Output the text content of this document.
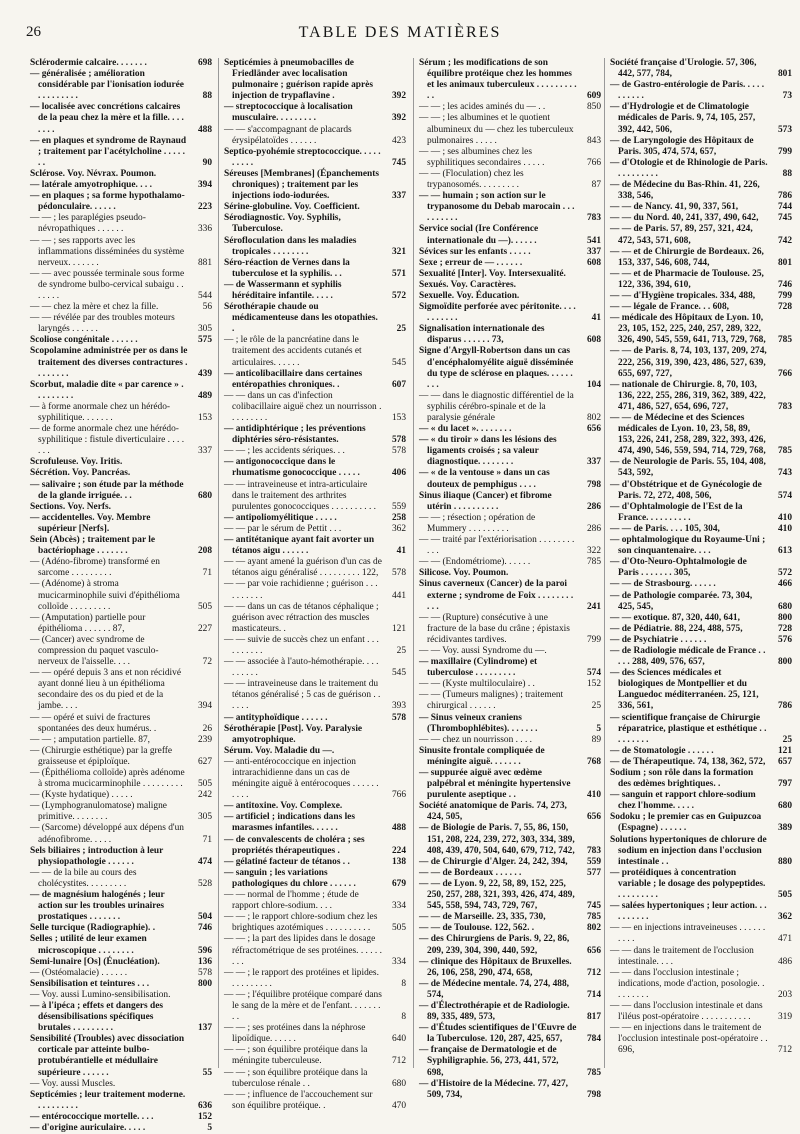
26	TABLE DES MATIÈRES

Sclérodermie calcaire. . . . . . .	698

— généralisée ; amélioration considérable par l'ionisation iodurée . . . . . . . . .	88

— localisée avec concrétions calcaires de la peau chez la mère et la fille. . . . . . . .	488

— en plaques et syndrome de Raynaud ; traitement par l'acétylcholine . . . . . . .	90

Sclérose. Voy. Névrax. Poumon.

— latérale amyotrophique. . . .	394

— en plaques ; sa forme hypothalamo-pédonculaire. . . . . .	223

— — ; les paraplégies pseudo-névropathiques . . . . . .	336

— — ; ses rapports avec les inflammations disséminées du système nerveux. . . . . . .	881

— — avec poussée terminale sous forme de syndrome bulbo-cervical subaigu . . . . . . .	544

— — chez la mère et chez la fille.	56

— — révélée par des troubles moteurs laryngés . . . . . .	305

Scoliose congénitale . . . . . .	575

Scopolamine administrée per os dans le traitement des diverses contractures . . . . . . . .	439

Scorbut, maladie dite « par carence » . . . . . . . . .	489

— à forme anormale chez un hérédo-syphilitique. . . . . . .	153

— de forme anormale chez une hérédo-syphilitique : fistule diverticulaire . . . . . . .	337

Scrofuleuse. Voy. Iritis.

Sécrétion. Voy. Pancréas.

— salivaire ; son étude par la méthode de la glande irriguée. . .	680

Sections. Voy. Nerfs.

— accidentelles. Voy. Membre supérieur [Nerfs].

Sein (Abcès) ; traitement par le bactériophage . . . . . . .	208

— (Adéno-fibrome) transformé en sarcome . . . . . . . . .	71

— (Adénome) à stroma mucicarminophile suivi d'épithélioma colloïde . . . . . . . . .	505

— (Amputation) partielle pour épithélioma . . . . . . 87,	227

— (Cancer) avec syndrome de compression du paquet vasculo-nerveux de l'aisselle. . . .	72

— — opéré depuis 3 ans et non récidivé ayant donné lieu à un épithélioma secondaire des os du pied et de la jambe. . . .	394

— — opéré et suivi de fractures spontanées des deux humérus. .	26

— — ; amputation partielle. 87,	239

— (Chirurgie esthétique) par la greffe graisseuse et épiploïque.	627

— (Épithélioma colloïde) après adénome à stroma mucicarminophile . . . . . . . . . 505

— (Kyste hydatique) . . . . .	242

— (Lymphogranulomatose) maligne primitive. . . . . . . .	305

— (Sarcome) développé aux dépens d'un adénofibrome. . . . .	71

Sels biliaires ; introduction à leur physiopathologie . . . . . .	474

— — de la bile au cours des cholécystites. . . . . . . . .	528

— de magnésium halogénés ; leur action sur les troubles urinaires prostatiques . . . . . . .	504

Selle turcique (Radiographie). .	746

Selles ; utilité de leur examen microscopique . . . . . . . .	596

Semi-lunaire [Os] (Énucléation).	136

— (Ostéomalacie) . . . . . .	578

Sensibilisation et teintures . . .	800

— Voy. aussi Lumino-sensibilisation.

— à l'ipéca ; effets et dangers des désensibilisations spécifiques brutales . . . . . . . . .	137

Sensibilité (Troubles) avec dissociation corticale par atteinte bulbo-protubérantielle et médullaire supérieure . . . . . .	55

— Voy. aussi Muscles.

Septicémies ; leur traitement moderne. . . . . . . . . .	636

— entérococcique mortelle. . . .	152

— d'origine auriculaire. . . . .	5

Septicémies à pneumobacilles de Friedländer avec localisation pulmonaire ; guérison rapide après injection de trypaflavine .	392

— streptococcique à localisation musculaire. . . . . . . . .	392

— — s'accompagnant de placards érysipélatoïdes . . . . . .	423

Septico-pyohémie streptococcique. . . . . . . . . .	745

Séreuses [Membranes] (Épanchements chroniques) ; traitement par les injections iodo-iodurées.	337

Sérine-globuline. Voy. Coefficient.

Sérodiagnostic. Voy. Syphilis, Tuberculose.

Sérofloculation dans les maladies tropicales . . . . . . . .	321

Séro-réaction de Vernes dans la tuberculose et la syphilis. . .	571

— de Wassermann et syphilis héréditaire infantile. . . . .	572

Sérothérapie chaude ou médicamenteuse dans les otopathies. .	25

— ; le rôle de la pancréatine dans le traitement des accidents cutanés et articulaires. . . . . .	545

— anticolibacillaire dans certaines entéropathies chroniques. .	607

— — dans un cas d'infection colibacillaire aiguë chez un nourrisson . . . . . . . . .	153

— antidiphtérique ; les préventions diphtéries séro-résistantes.	578

— — ; les accidents sériques. . .	578

— antigonococcique dans le rhumatisme gonococcique . . . . .	406

— — intraveineuse et intra-articulaire dans le traitement des arthrites purulentes gonococciques . . . . . . . . . . 559

— antipoliomyélitique . . . . .	258

— — par le sérum de Pettit . . .	362

— antitétanique ayant fait avorter un tétanos aigu . . . . . .	41

— — ayant amené la guérison d'un cas de tétanos aigu généralisé . . . . . . . . . 122, 578

— — par voie rachidienne ; guérison . . . . . . . . . .	441

— — dans un cas de tétanos céphalique ; guérison avec rétraction des muscles masticateurs. .	121

— — suivie de succès chez un enfant . . . . . . . . . .	25

— — associée à l'auto-hémothérapie. . . . . . . . . .	545

— — intraveineuse dans le traitement du tétanos généralisé ; 5 cas de guérison . . . . . .	393

— antityphoïdique . . . . . .	578

Sérothérapie [Post]. Voy. Paralysie amyotrophique.

Sérum. Voy. Maladie du —.

— anti-entérococcique en injection intrarachidienne dans un cas de méningite aiguë à entérocoques . . . . . . . . . .	766

— antitoxine. Voy. Complexe.

— artificiel ; indications dans les marasmes infantiles. . . . . .	488

— de convalescents de choléra ; ses propriétés thérapeutiques .	224

— gélatiné facteur de tétanos . .	138

— sanguin ; les variations pathologiques du chlore . . . . . .	679

— — normal de l'homme ; étude de rapport chlore-sodium. . . .	334

— — ; le rapport chlore-sodium chez les brightiques azotémiques . . . . . . . . . . 505

— — ; la part des lipides dans le dosage réfractométrique de ses protéines. . . . . . . . .	334

— — ; le rapport des protéines et lipides. . . . . . . . . .	8

— — ; l'équilibre protéique comparé dans le sang de la mère et de l'enfant. . . . . . . . .	8

— — ; ses protéines dans la néphrose lipoïdique. . . . . .	640

— — ; son équilibre protéique dans la méningite tuberculeuse.	712

— — ; son équilibre protéique dans la tuberculose rénale . .	680

— — ; influence de l'accouchement sur son équilibre protéique. .	470

Sérum ; les modifications de son équilibre protéique chez les hommes et les animaux tuberculeux . . . . . . . . . . .	609

— — ; les acides aminés du — . .	850

— — ; les albumines et le quotient albumineux du — chez les tuberculeux pulmonaires . . . . .	843

— — ; ses albumines chez les syphilitiques secondaires . . . . .	766

— — (Floculation) chez les trypanosomés. . . . . . . . .	87

— — humain ; son action sur le trypanosome du Debab marocain . . . . . . . . . .	783

Service social (Ire Conférence internationale du —). . . . . .	541

Sévices sur les enfants . . . . .	337

Sexe ; erreur de — . . . . . .	608

Sexualité [Inter]. Voy. Intersexualité.

Sexués. Voy. Caractères.

Sexuelle. Voy. Éducation.

Sigmoïdite perforée avec péritonite. . . . . . . . . . .	41

Signalisation internationale des disparus . . . . . . 73,	608

Signe d'Argyll-Robertson dans un cas d'encéphalomyélite aiguë disséminée du type de sclérose en plaques. . . . . . . . .	104

— — dans le diagnostic différentiel de la syphilis cérébro-spinale et de la paralysie générale	802

— « du lacet ». . . . . . . .	656

— « du tiroir » dans les lésions des ligaments croisés ; sa valeur diagnostique. . . . . . . .	337

— « de la ventouse » dans un cas douteux de pemphigus . . . .	798

Sinus iliaque (Cancer) et fibrome utérin . . . . . . . . . .	286

— — ; résection ; opération de Mummery . . . . . . . . .	286

— — traité par l'extériorisation . . . . . . . . . . .	322

— — (Endométriome). . . . . .	785

Silicose. Voy. Poumon.

Sinus caverneux (Cancer) de la paroi externe ; syndrome de Foix . . . . . . . . . . .	241

— — (Rupture) consécutive à une fracture de la base du crâne ; épistaxis récidivantes tardives.	799

— — Voy. aussi Syndrome du —.

— maxillaire (Cylindrome) et tuberculose . . . . . . . . .	574

— — (Kyste multiloculaire) . .	152

— — (Tumeurs malignes) ; traitement chirurgical . . . . . .	25

— Sinus veineux craniens (Thrombophlébites). . . . . . .	5

— — chez un nourrisson . . . .	89

Sinusite frontale compliquée de méningite aiguë. . . . . . .	768

— suppurée aiguë avec œdème palpébral et méningite hypertensive purulente aseptique . .	410

Société anatomique de Paris. 74, 273, 424, 505,	656

— de Biologie de Paris. 7, 55, 86, 150, 151, 208, 224, 239, 272, 303, 334, 389, 408, 439, 470, 504, 640, 679, 712, 742, 783

— de Chirurgie d'Alger. 24, 242, 394, 559

— — de Bordeaux . . . . . .	577

— — de Lyon. 9, 22, 58, 89, 152, 225, 250, 257, 288, 321, 393, 426, 474, 489, 545, 558, 594, 743, 729, 767,	745

— — de Marseille. 23, 335, 730,	785

— — de Toulouse. 122, 562. .	802

— des Chirurgiens de Paris. 9, 22, 86, 209, 239, 304, 390, 440, 592,	656

— clinique des Hôpitaux de Bruxelles. 26, 106, 258, 290, 474, 658,	712

— de Médecine mentale. 74, 274, 488, 574,	714

— d'Électrothérapie et de Radiologie. 89, 335, 489, 573,	817

— d'Études scientifiques de l'Œuvre de la Tuberculose. 120, 287, 425, 657,	784

— française de Dermatologie et de Syphiligraphie. 56, 273, 441, 572, 698,	785

— d'Histoire de la Médecine. 77, 427, 509, 734,	798

Société française d'Urologie. 57, 306, 442, 577, 784,	801

— de Gastro-entérologie de Paris. . . . . . . . . . .	73

— d'Hydrologie et de Climatologie médicales de Paris. 9, 74, 105, 257, 392, 442, 506,	573

— de Laryngologie des Hôpitaux de Paris. 305, 474, 574, 657,	799

— d'Otologie et de Rhinologie de Paris. . . . . . . . . .	88

— de Médecine du Bas-Rhin. 41, 226, 338, 546,	786

— — de Nancy. 41, 90, 337, 561,	744

— — du Nord. 40, 241, 337, 490, 642, 745

— — de Paris. 57, 89, 257, 321, 424, 472, 543, 571, 608,	742

— — et de Chirurgie de Bordeaux. 26, 153, 337, 546, 608, 744,	801

— — et de Pharmacie de Toulouse. 25, 122, 336, 394, 610,	746

— — d'Hygiène tropicales. 334, 488, 799

— — légale de France. . . 608,	728

— médicale des Hôpitaux de Lyon. 10, 23, 105, 152, 225, 240, 257, 289, 322, 326, 490, 545, 559, 641, 713, 729, 768, 785

— — de Paris. 8, 74, 103, 137, 209, 274, 222, 256, 319, 390, 423, 486, 527, 639, 655, 697, 727,	766

— nationale de Chirurgie. 8, 70, 103, 136, 222, 255, 286, 319, 362, 389, 422, 471, 486, 527, 654, 696, 727,	783

— — de Médecine et des Sciences médicales de Lyon. 10, 23, 58, 89, 153, 226, 241, 258, 289, 322, 393, 426, 474, 490, 546, 559, 594, 714, 729, 768, 785

— de Neurologie de Paris. 55, 104, 408, 543, 592,	743

— d'Obstétrique et de Gynécologie de Paris. 72, 272, 408, 506,	574

— d'Ophtalmologie de l'Est de la France. . . . . . . . . .	410

— — de Paris. . . . 105, 304,	410

— ophtalmologique du Royaume-Uni ; son cinquantenaire. . . .	613

— d'Oto-Neuro-Ophtalmologie de Paris . . . . . . . 305,	572

— — de Strasbourg. . . . . .	466

— de Pathologie comparée. 73, 304, 425, 545,	680

— — exotique. 87, 320, 440, 641,	800

— de Pédiatrie. 88, 224, 488, 575,	728

— de Psychiatrie . . . . . .	576

— de Radiologie médicale de France . . . . . 288, 409, 576, 657,	800

— des Sciences médicales et biologiques de Montpellier et du Languedoc méditerranéen. 25, 121, 336, 561,	786

— scientifique française de Chirurgie réparatrice, plastique et esthétique . . . . . . . . .	25

— de Stomatologie . . . . . .	121

— de Thérapeutique. 74, 138, 362, 572, 657

Sodium ; son rôle dans la formation des œdèmes brightiques. .	797

— sanguin et rapport chlore-sodium chez l'homme. . . . .	680

Sodoku ; le premier cas en Guipuzcoa (Espagne) . . . . . .	389

Solutions hypertoniques de chlorure de sodium en injection dans l'occlusion intestinale . .	880

— protéidiques à concentration variable ; le dosage des polypeptides. . . . . . . . . .	505

— salées hypertoniques ; leur action. . . . . . . . . .	362

— — en injections intraveineuses . . . . . . . . . .	471

— — dans le traitement de l'occlusion intestinale. . . .	486

— — dans l'occlusion intestinale ; indications, mode d'action, posologie. . . . . . . . .	203

— — dans l'occlusion intestinale et dans l'iléus post-opératoire . . . . . . . . . . .	319

— — en injections dans le traitement de l'occlusion intestinale post-opératoire . . 696,	712
